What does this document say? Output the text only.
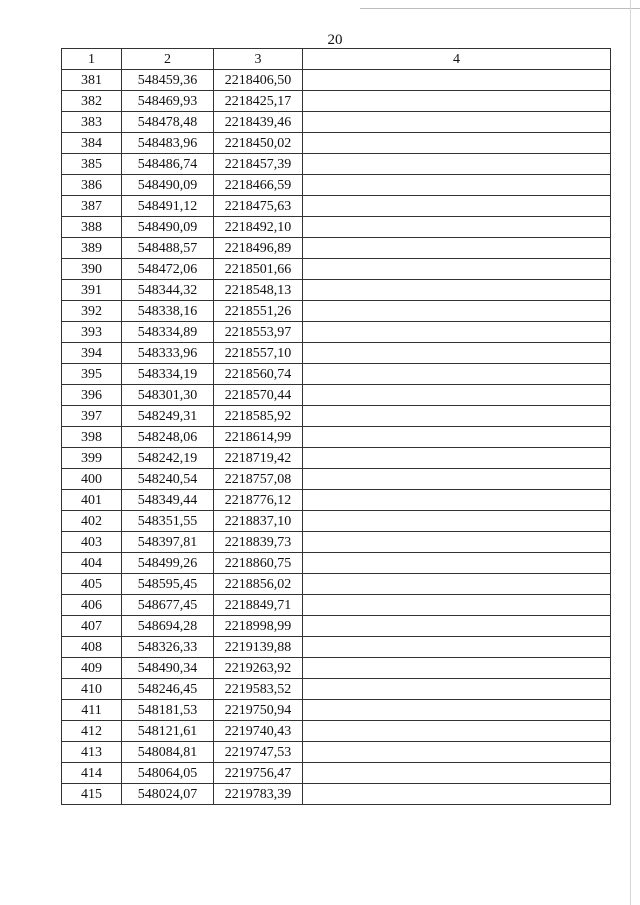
20
1	2	3	4
381	548459,36	2218406,50	
382	548469,93	2218425,17	
383	548478,48	2218439,46	
384	548483,96	2218450,02	
385	548486,74	2218457,39	
386	548490,09	2218466,59	
387	548491,12	2218475,63	
388	548490,09	2218492,10	
389	548488,57	2218496,89	
390	548472,06	2218501,66	
391	548344,32	2218548,13	
392	548338,16	2218551,26	
393	548334,89	2218553,97	
394	548333,96	2218557,10	
395	548334,19	2218560,74	
396	548301,30	2218570,44	
397	548249,31	2218585,92	
398	548248,06	2218614,99	
399	548242,19	2218719,42	
400	548240,54	2218757,08	
401	548349,44	2218776,12	
402	548351,55	2218837,10	
403	548397,81	2218839,73	
404	548499,26	2218860,75	
405	548595,45	2218856,02	
406	548677,45	2218849,71	
407	548694,28	2218998,99	
408	548326,33	2219139,88	
409	548490,34	2219263,92	
410	548246,45	2219583,52	
411	548181,53	2219750,94	
412	548121,61	2219740,43	
413	548084,81	2219747,53	
414	548064,05	2219756,47	
415	548024,07	2219783,39	
